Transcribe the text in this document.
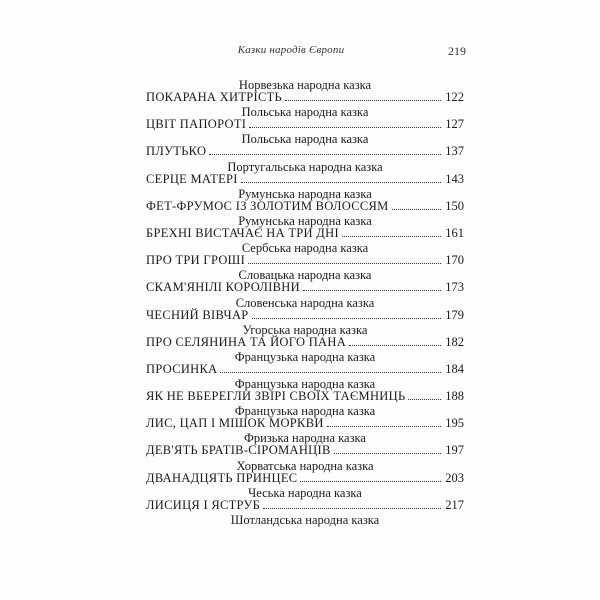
Казки народів Європи	219
Норвезька народна казка
ПОКАРАНА ХИТРІСТЬ	122
Польська народна казка
ЦВІТ ПАПОРОТІ	127
Польська народна казка
ПЛУТЬКО	137
Португальська народна казка
СЕРЦЕ МАТЕРІ	143
Румунська народна казка
ФЕТ-ФРУМОС ІЗ ЗОЛОТИМ ВОЛОССЯМ	150
Румунська народна казка
БРЕХНІ ВИСТАЧАЄ НА ТРИ ДНІ	161
Сербська народна казка
ПРО ТРИ ГРОШІ	170
Словацька народна казка
СКАМ'ЯНІЛІ КОРОЛІВНИ	173
Словенська народна казка
ЧЕСНИЙ ВІВЧАР	179
Угорська народна казка
ПРО СЕЛЯНИНА ТА ЙОГО ПАНА	182
Французька народна казка
ПРОСИНКА	184
Французька народна казка
ЯК НЕ ВБЕРЕГЛИ ЗВІРІ СВОЇХ ТАЄМНИЦЬ	188
Французька народна казка
ЛИС, ЦАП І МІШОК МОРКВИ	195
Фризька народна казка
ДЕВ'ЯТЬ БРАТІВ-СІРОМАНЦІВ	197
Хорватська народна казка
ДВАНАДЦЯТЬ ПРИНЦЕС	203
Чеська народна казка
ЛИСИЦЯ І ЯСТРУБ	217
Шотландська народна казка
